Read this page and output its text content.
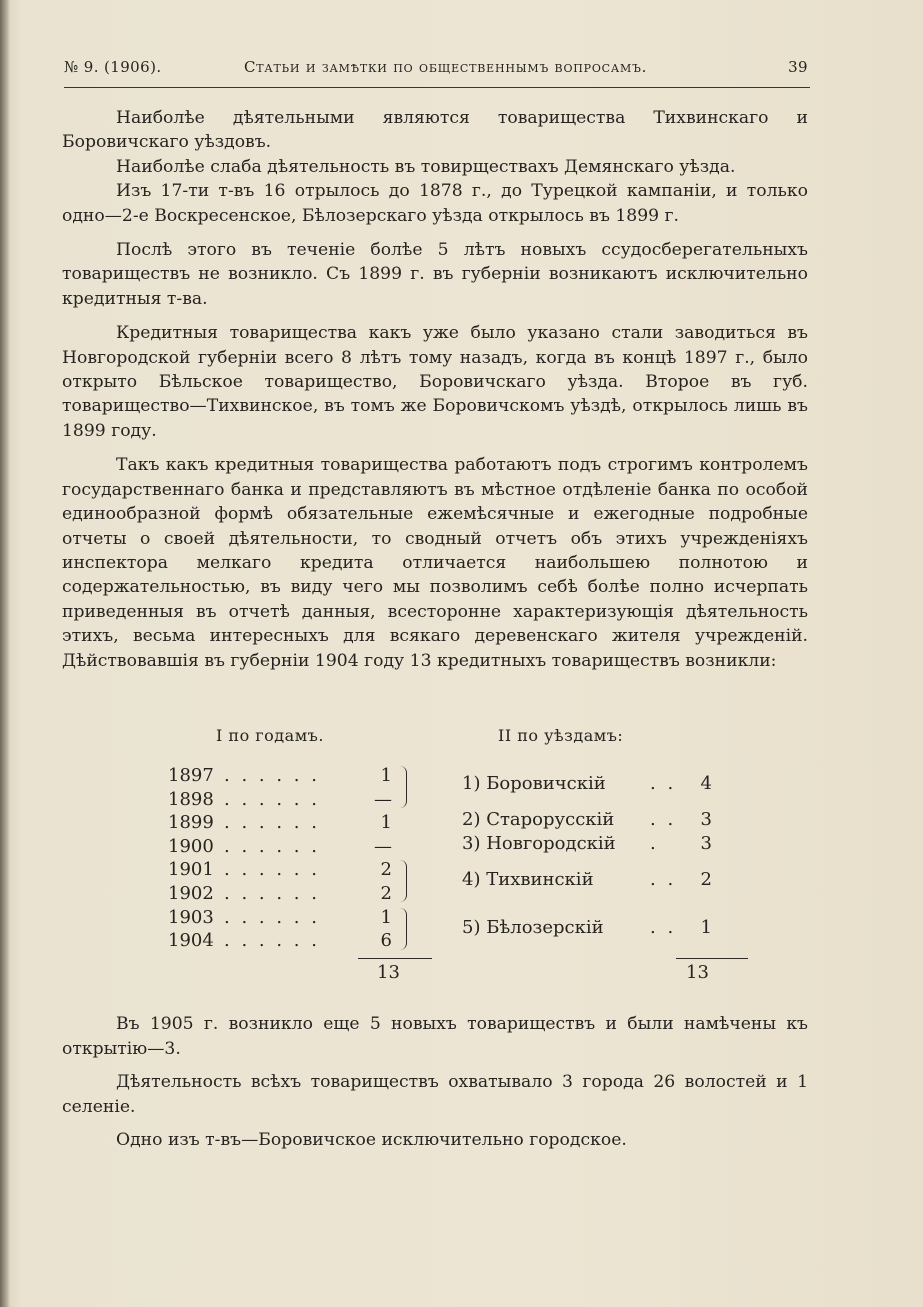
№ 9. (1906).	Статьи и замѣтки по общественнымъ вопросамъ.	39

Наиболѣе дѣятельными являются товарищества Тихвинскаго и Боровичскаго уѣздовъ.

Наиболѣе слаба дѣятельность въ товирществахъ Демянскаго уѣзда.

Изъ 17-ти т-въ 16 отрылось до 1878 г., до Турецкой кампаніи, и только одно—2-е Воскресенское, Бѣлозерскаго уѣзда открылось въ 1899 г.

Послѣ этого въ теченіе болѣе 5 лѣтъ новыхъ ссудосберегательныхъ товариществъ не возникло. Съ 1899 г. въ губерніи возникаютъ исключительно кредитныя т-ва.

Кредитныя товарищества какъ уже было указано стали заводиться въ Новгородской губерніи всего 8 лѣтъ тому назадъ, когда въ концѣ 1897 г., было открыто Бѣльское товарищество, Боровичскаго уѣзда. Второе въ губ. товарищество—Тихвинское, въ томъ же Боровичскомъ уѣздѣ, открылось лишь въ 1899 году.

Такъ какъ кредитныя товарищества работаютъ подъ строгимъ контролемъ государственнаго банка и представляютъ въ мѣстное отдѣленіе банка по особой единообразной формѣ обязательные ежемѣсячные и ежегодные подробные отчеты о своей дѣятельности, то сводный отчетъ объ этихъ учрежденіяхъ инспектора мелкаго кредита отличается наибольшею полнотою и содержательностью, въ виду чего мы позволимъ себѣ болѣе полно исчерпать приведенныя въ отчетѣ данныя, всесторонне характеризующія дѣятельность этихъ, весьма интересныхъ для всякаго деревенскаго жителя учрежденій. Дѣйствовавшія въ губерніи 1904 году 13 кредитныхъ товариществъ возникли:

I по годамъ.	II по уѣздамъ:
1897 . . . . . .	1
1898 . . . . . .	—
1899 . . . . . .	1
1900 . . . . . .	—
1901 . . . . . .	2
1902 . . . . . .	2
1903 . . . . . .	1
1904 . . . . . .	6
13
1) Боровичскій . .	4
2) Старорусскій . .	3
3) Новгородскій .	3
4) Тихвинскій	. .	2
5) Бѣлозерскій	. .	1
13

Въ 1905 г. возникло еще 5 новыхъ товариществъ и были намѣчены къ открытію—3.

Дѣятельность всѣхъ товариществъ охватывало 3 города 26 волостей и 1 селеніе.

Одно изъ т-въ—Боровичское исключительно городское.
